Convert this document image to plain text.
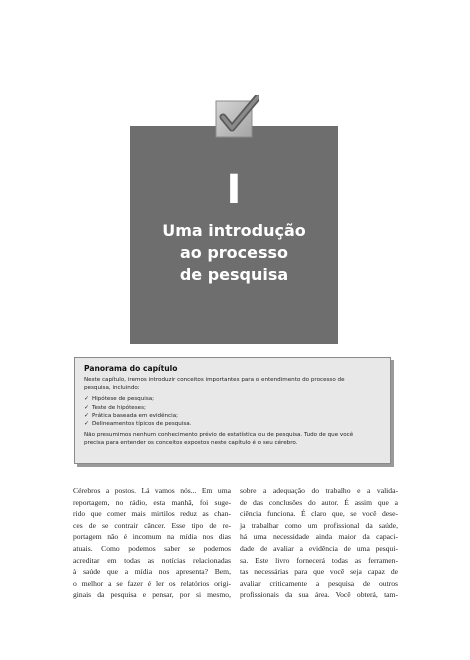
I
Uma introdução
ao processo
de pesquisa
Panorama do capítulo

Neste capítulo, iremos introduzir conceitos importantes para o entendimento do processo de
pesquisa, incluindo:

✓ Hipótese de pesquisa;
✓ Teste de hipóteses;
✓ Prática baseada em evidência;
✓ Delineamentos típicos de pesquisa.

Não presumimos nenhum conhecimento prévio de estatística ou de pesquisa. Tudo de que você
precisa para entender os conceitos expostos neste capítulo é o seu cérebro.

Cérebros a postos. Lá vamos nós... Em uma
reportagem, no rádio, esta manhã, foi suge-
rido que comer mais mirtilos reduz as chan-
ces de se contrair câncer. Esse tipo de re-
portagem não é incomum na mídia nos dias
atuais. Como podemos saber se podemos
acreditar em todas as notícias relacionadas
à saúde que a mídia nos apresenta? Bem,
o melhor a se fazer é ler os relatórios origi-
ginais da pesquisa e pensar, por si mesmo,
sobre a adequação do trabalho e a valida-
de das conclusões do autor. É assim que a
ciência funciona. É claro que, se você dese-
ja trabalhar como um profissional da saúde,
há uma necessidade ainda maior da capaci-
dade de avaliar a evidência de uma pesqui-
sa. Este livro fornecerá todas as ferramen-
tas necessárias para que você seja capaz de
avaliar criticamente a pesquisa de outros
profissionais da sua área. Você obterá, tam-
